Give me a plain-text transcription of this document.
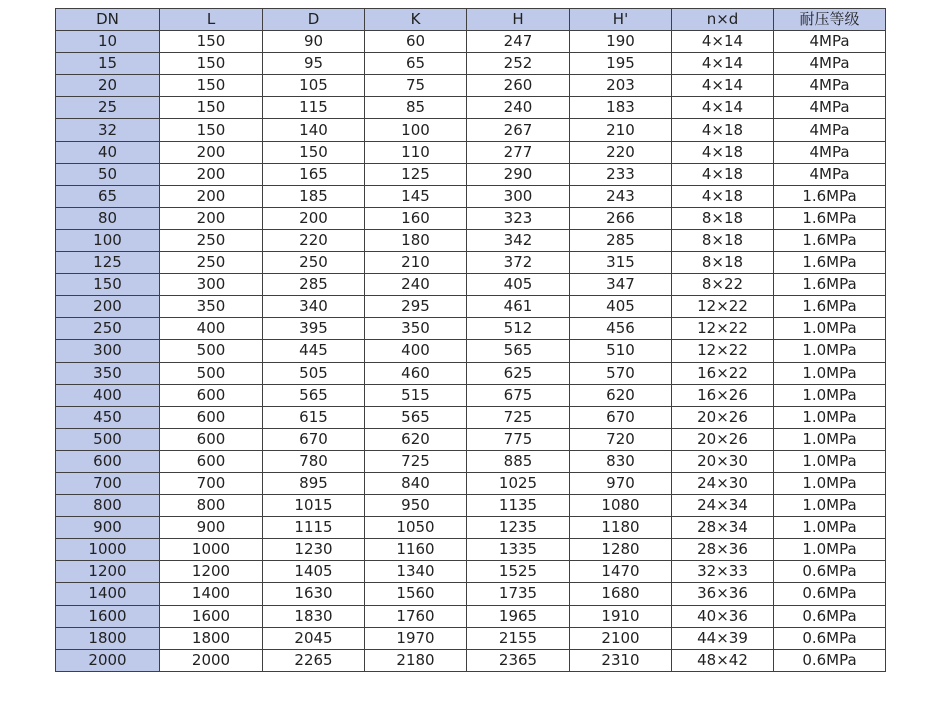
DN	L	D	K	H	H'	n×d	耐压等级
10	150	90	60	247	190	4×14	4MPa
15	150	95	65	252	195	4×14	4MPa
20	150	105	75	260	203	4×14	4MPa
25	150	115	85	240	183	4×14	4MPa
32	150	140	100	267	210	4×18	4MPa
40	200	150	110	277	220	4×18	4MPa
50	200	165	125	290	233	4×18	4MPa
65	200	185	145	300	243	4×18	1.6MPa
80	200	200	160	323	266	8×18	1.6MPa
100	250	220	180	342	285	8×18	1.6MPa
125	250	250	210	372	315	8×18	1.6MPa
150	300	285	240	405	347	8×22	1.6MPa
200	350	340	295	461	405	12×22	1.6MPa
250	400	395	350	512	456	12×22	1.0MPa
300	500	445	400	565	510	12×22	1.0MPa
350	500	505	460	625	570	16×22	1.0MPa
400	600	565	515	675	620	16×26	1.0MPa
450	600	615	565	725	670	20×26	1.0MPa
500	600	670	620	775	720	20×26	1.0MPa
600	600	780	725	885	830	20×30	1.0MPa
700	700	895	840	1025	970	24×30	1.0MPa
800	800	1015	950	1135	1080	24×34	1.0MPa
900	900	1115	1050	1235	1180	28×34	1.0MPa
1000	1000	1230	1160	1335	1280	28×36	1.0MPa
1200	1200	1405	1340	1525	1470	32×33	0.6MPa
1400	1400	1630	1560	1735	1680	36×36	0.6MPa
1600	1600	1830	1760	1965	1910	40×36	0.6MPa
1800	1800	2045	1970	2155	2100	44×39	0.6MPa
2000	2000	2265	2180	2365	2310	48×42	0.6MPa
